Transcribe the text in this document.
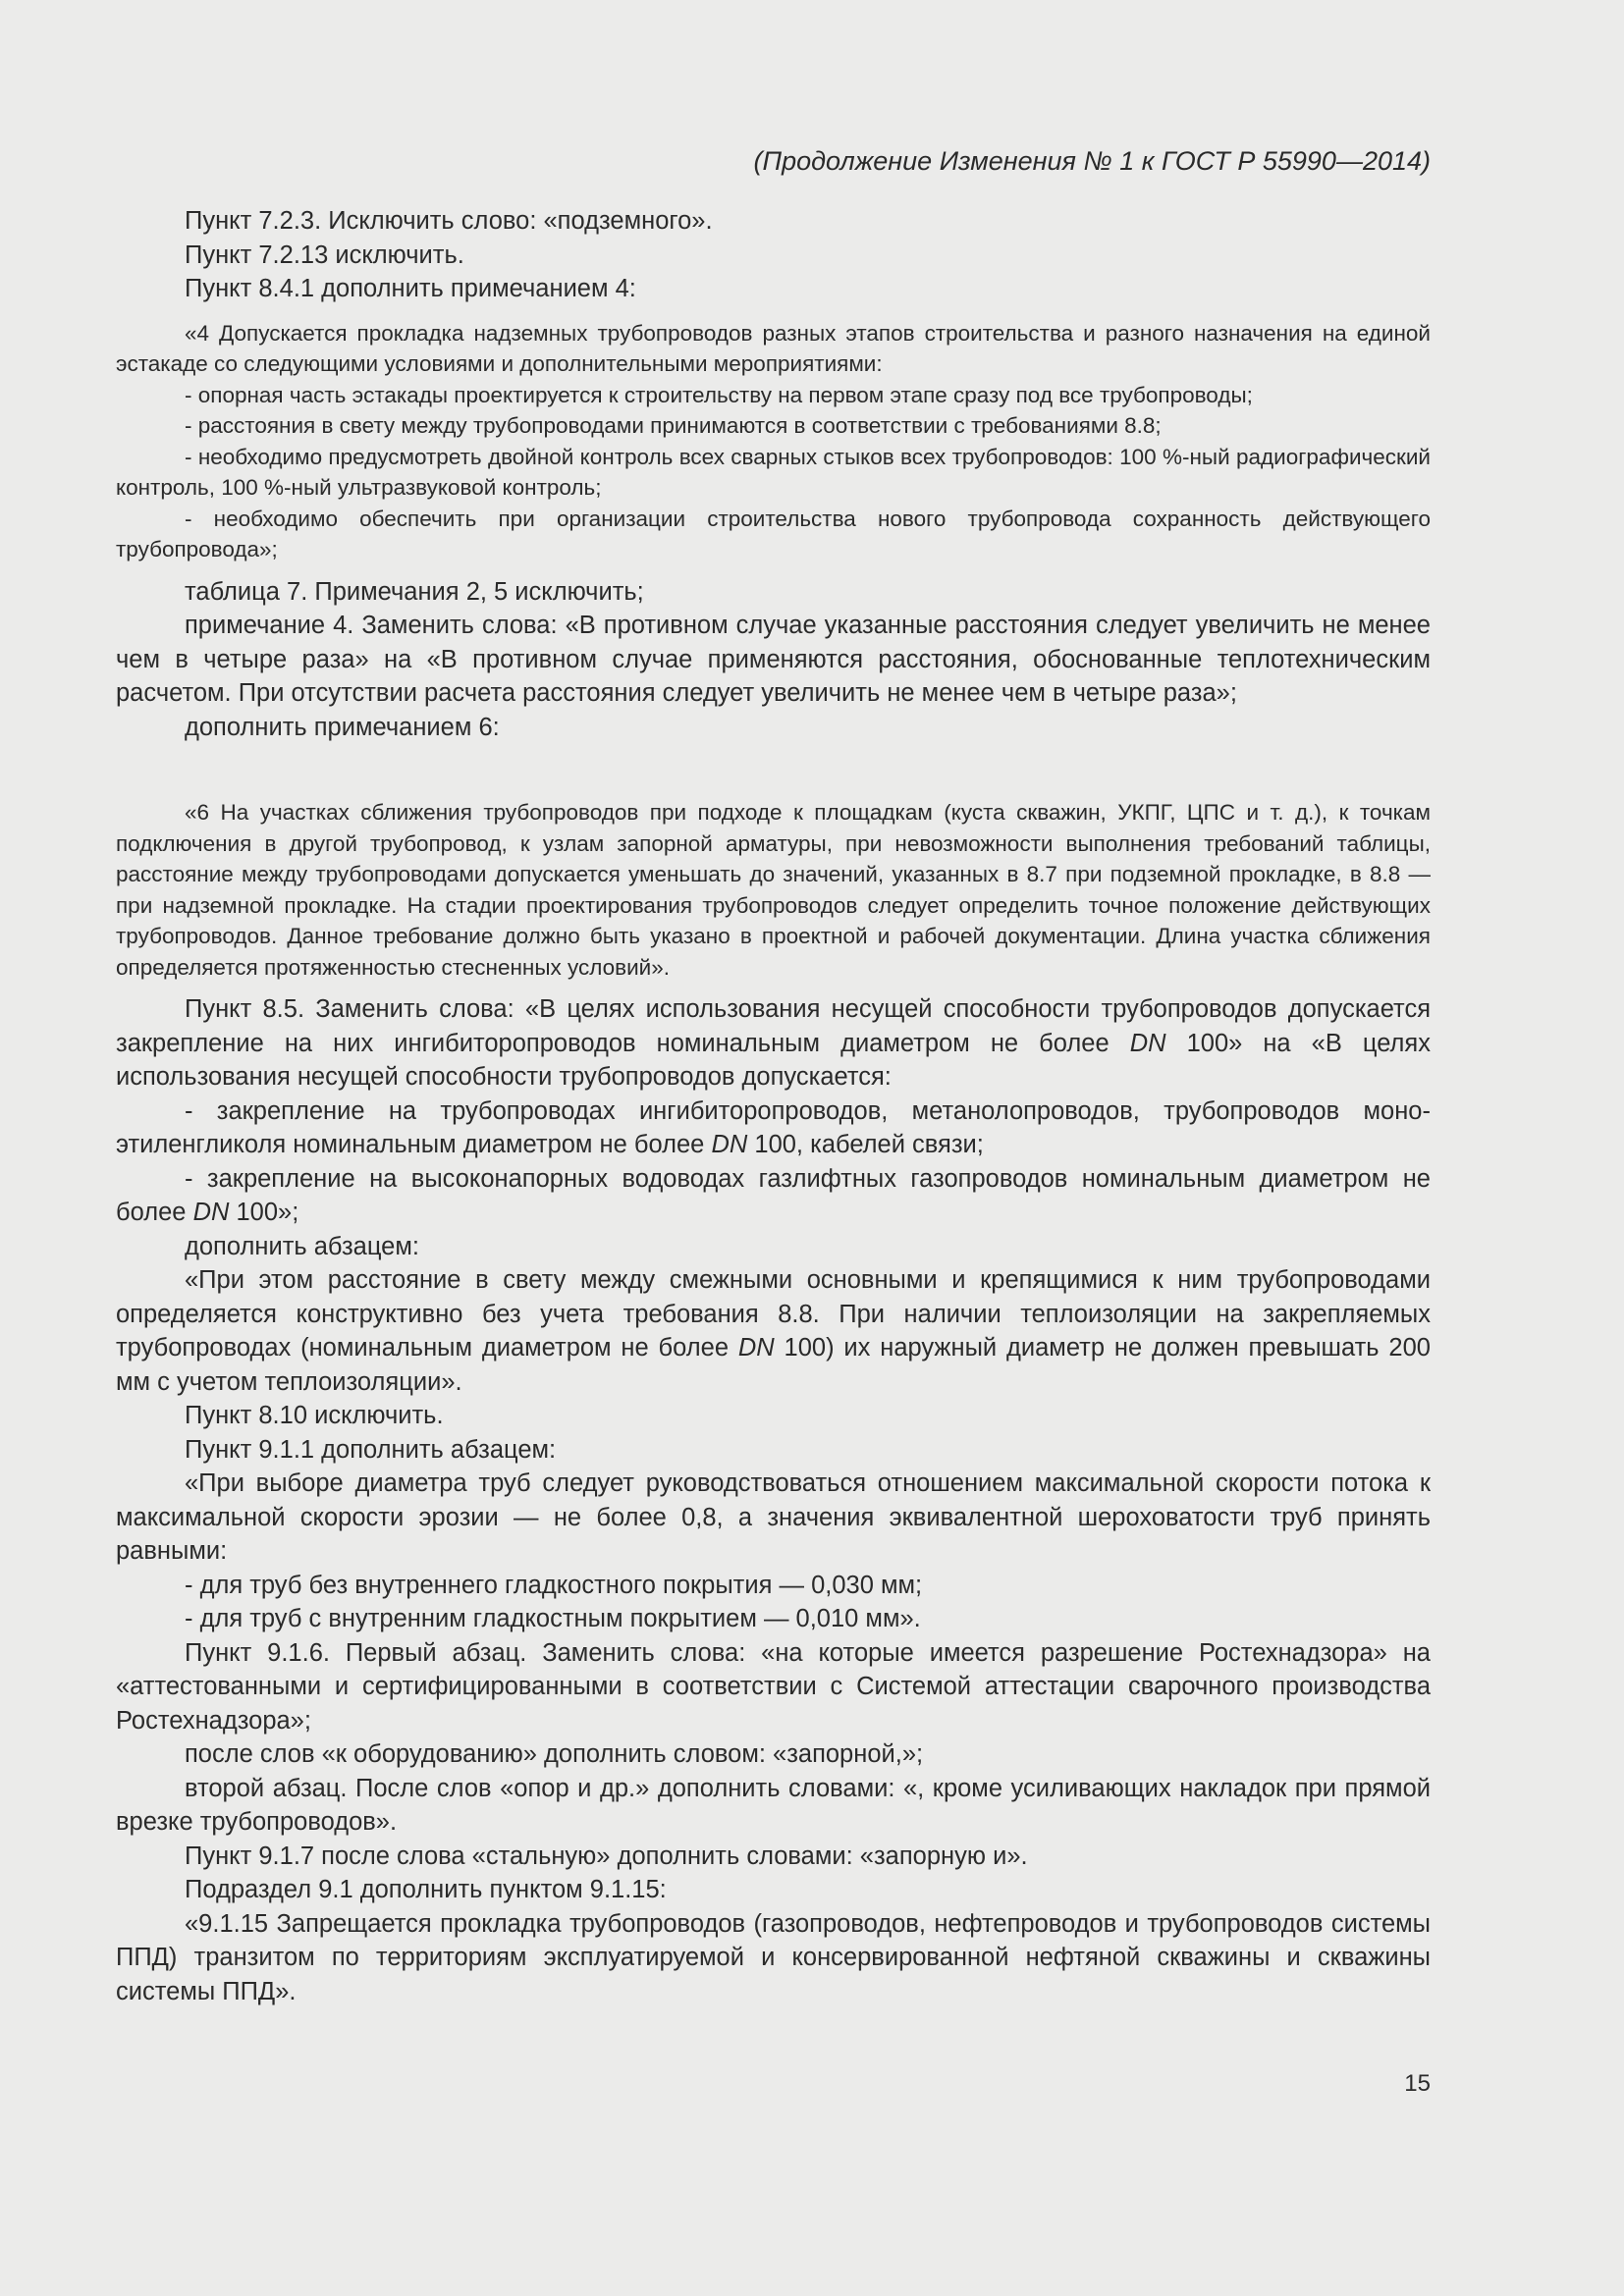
(Продолжение Изменения № 1 к ГОСТ Р 55990—2014)

Пункт 7.2.3. Исключить слово: «подземного».

Пункт 7.2.13 исключить.

Пункт 8.4.1 дополнить примечанием 4:

«4 Допускается прокладка надземных трубопроводов разных этапов строительства и разного назначения на единой эстакаде со следующими условиями и дополнительными мероприятиями:

- опорная часть эстакады проектируется к строительству на первом этапе сразу под все трубопроводы;

- расстояния в свету между трубопроводами принимаются в соответствии с требованиями 8.8;

- необходимо предусмотреть двойной контроль всех сварных стыков всех трубопроводов: 100 %-ный радиографический контроль, 100 %-ный ультразвуковой контроль;

- необходимо обеспечить при организации строительства нового трубопровода сохранность действующего трубопровода»;

таблица 7. Примечания 2, 5 исключить;

примечание 4. Заменить слова: «В противном случае указанные расстояния следует увеличить не менее чем в четыре раза» на «В противном случае применяются расстояния, обоснованные теплотехническим расчетом. При отсутствии расчета расстояния следует увеличить не менее чем в четыре раза»;

дополнить примечанием 6:

«6 На участках сближения трубопроводов при подходе к площадкам (куста скважин, УКПГ, ЦПС и т. д.), к точкам подключения в другой трубопровод, к узлам запорной арматуры, при невозможности выполнения требований таблицы, расстояние между трубопроводами допускается уменьшать до значений, указанных в 8.7 при подземной прокладке, в 8.8 — при надземной прокладке. На стадии проектирования трубопроводов следует определить точное положение действующих трубопроводов. Данное требование должно быть указано в проектной и рабочей документации. Длина участка сближения определяется протяженностью стесненных условий».

Пункт 8.5. Заменить слова: «В целях использования несущей способности трубопроводов допускается закрепление на них ингибиторопроводов номинальным диаметром не более DN 100» на «В целях использования несущей способности трубопроводов допускается:

- закрепление на трубопроводах ингибиторопроводов, метанолопроводов, трубопроводов моноэтиленгликоля номинальным диаметром не более DN 100, кабелей связи;

- закрепление на высоконапорных водоводах газлифтных газопроводов номинальным диаметром не более DN 100»;

дополнить абзацем:

«При этом расстояние в свету между смежными основными и крепящимися к ним трубопроводами определяется конструктивно без учета требования 8.8. При наличии теплоизоляции на закрепляемых трубопроводах (номинальным диаметром не более DN 100) их наружный диаметр не должен превышать 200 мм с учетом теплоизоляции».

Пункт 8.10 исключить.

Пункт 9.1.1 дополнить абзацем:

«При выборе диаметра труб следует руководствоваться отношением максимальной скорости потока к максимальной скорости эрозии — не более 0,8, а значения эквивалентной шероховатости труб принять равными:

- для труб без внутреннего гладкостного покрытия — 0,030 мм;

- для труб с внутренним гладкостным покрытием — 0,010 мм».

Пункт 9.1.6. Первый абзац. Заменить слова: «на которые имеется разрешение Ростехнадзора» на «аттестованными и сертифицированными в соответствии с Системой аттестации сварочного производства Ростехнадзора»;

после слов «к оборудованию» дополнить словом: «запорной,»;

второй абзац. После слов «опор и др.» дополнить словами: «, кроме усиливающих накладок при прямой врезке трубопроводов».

Пункт 9.1.7 после слова «стальную» дополнить словами: «запорную и».

Подраздел 9.1 дополнить пунктом 9.1.15:

«9.1.15 Запрещается прокладка трубопроводов (газопроводов, нефтепроводов и трубопроводов системы ППД) транзитом по территориям эксплуатируемой и консервированной нефтяной скважины и скважины системы ППД».

15
